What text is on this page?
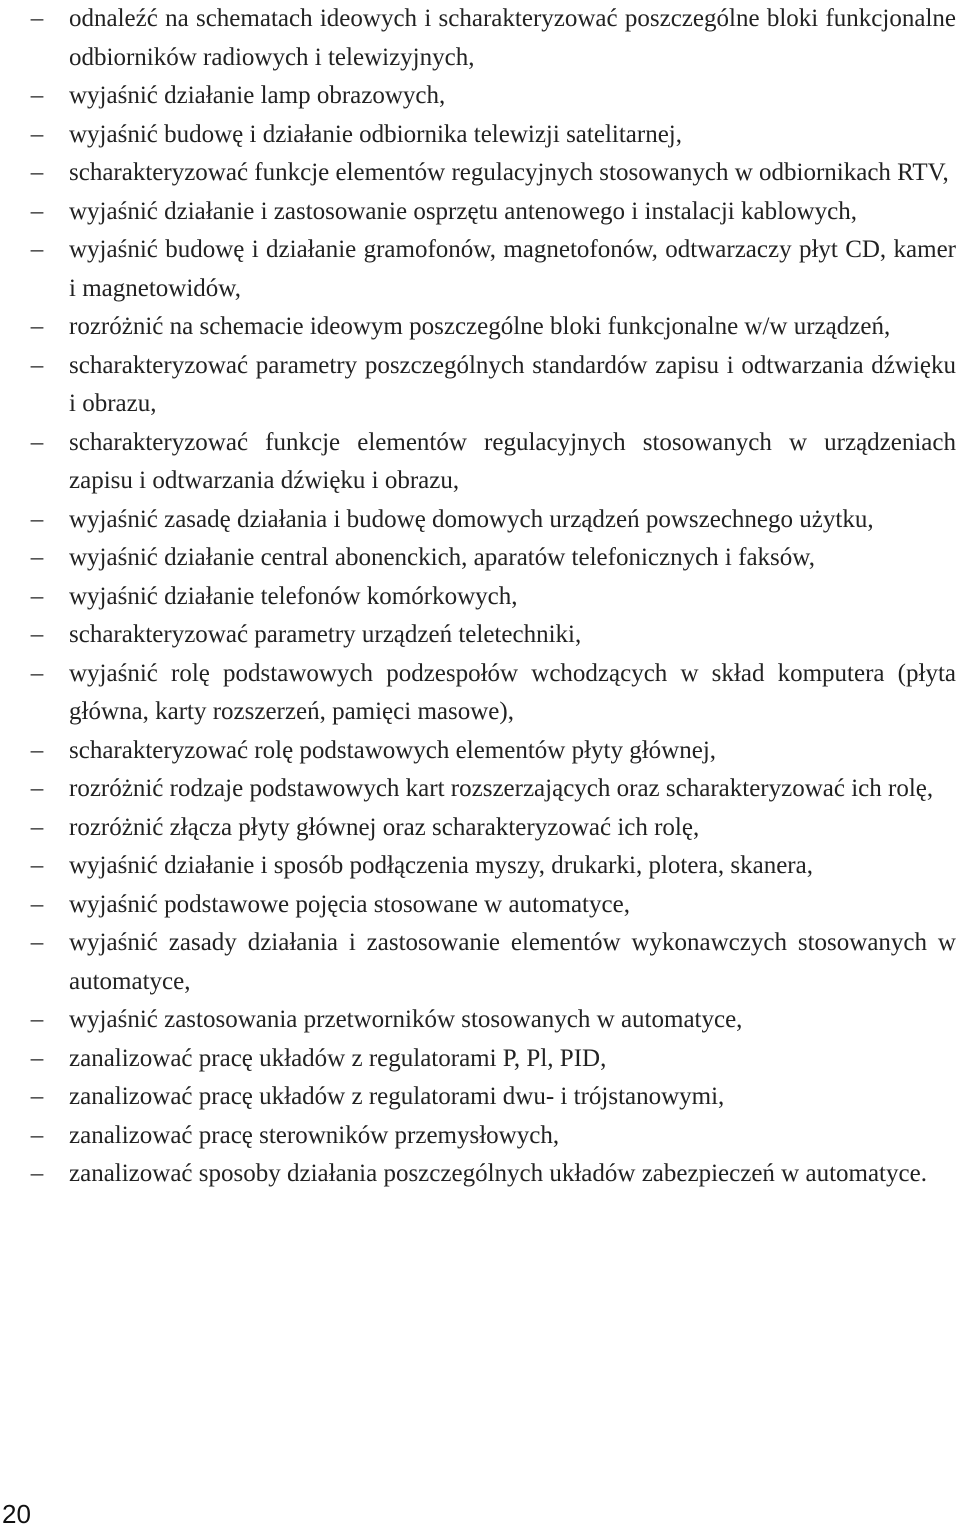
–	odnaleźć na schematach ideowych i scharakteryzować poszczególne bloki funkcjonalne odbiorników radiowych i telewizyjnych,
–	wyjaśnić działanie lamp obrazowych,
–	wyjaśnić budowę i działanie odbiornika telewizji satelitarnej,
–	scharakteryzować funkcje elementów regulacyjnych stosowanych w odbiornikach RTV,
–	wyjaśnić działanie i zastosowanie osprzętu antenowego i instalacji kablowych,
–	wyjaśnić budowę i działanie gramofonów, magnetofonów, odtwarzaczy płyt CD, kamer i magnetowidów,
–	rozróżnić na schemacie ideowym poszczególne bloki funkcjonalne w/w urządzeń,
–	scharakteryzować parametry poszczególnych standardów zapisu i odtwarzania dźwięku i obrazu,
–	scharakteryzować funkcje elementów regulacyjnych stosowanych w urządzeniach zapisu i odtwarzania dźwięku i obrazu,
–	wyjaśnić zasadę działania i budowę domowych urządzeń powszechnego użytku,
–	wyjaśnić działanie central abonenckich, aparatów telefonicznych i faksów,
–	wyjaśnić działanie telefonów komórkowych,
–	scharakteryzować parametry urządzeń teletechniki,
–	wyjaśnić rolę podstawowych podzespołów wchodzących w skład komputera (płyta główna, karty rozszerzeń, pamięci masowe),
–	scharakteryzować rolę podstawowych elementów płyty głównej,
–	rozróżnić rodzaje podstawowych kart rozszerzających oraz scharakteryzować ich rolę,
–	rozróżnić złącza płyty głównej oraz scharakteryzować ich rolę,
–	wyjaśnić działanie i sposób podłączenia myszy, drukarki, plotera, skanera,
–	wyjaśnić podstawowe pojęcia stosowane w automatyce,
–	wyjaśnić zasady działania i zastosowanie elementów wykonawczych stosowanych w automatyce,
–	wyjaśnić zastosowania przetworników stosowanych w automatyce,
–	zanalizować pracę układów z regulatorami P, Pl, PID,
–	zanalizować pracę układów z regulatorami dwu- i trójstanowymi,
–	zanalizować pracę sterowników przemysłowych,
–	zanalizować sposoby działania poszczególnych układów zabezpieczeń w automatyce.
20
